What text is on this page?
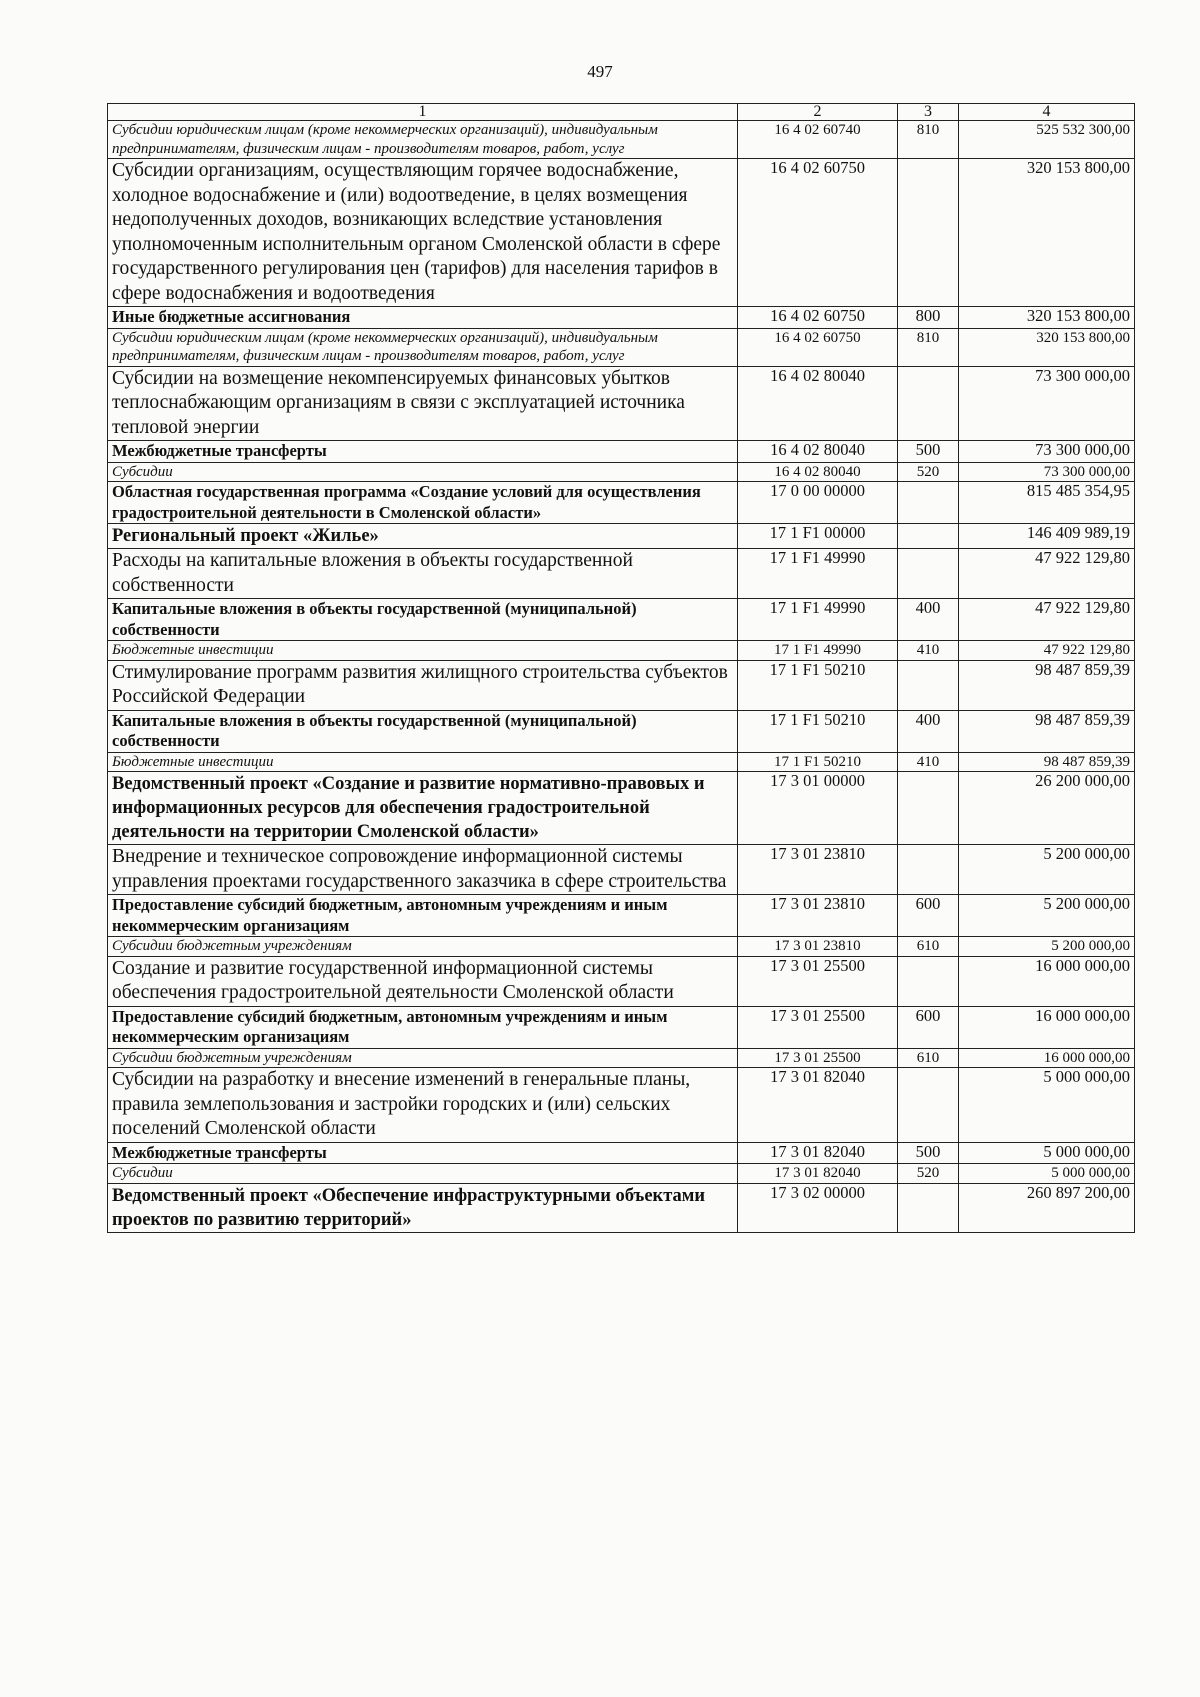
497
1	2	3	4
Субсидии юридическим лицам (кроме некоммерческих организаций), индивидуальным предпринимателям, физическим лицам - производителям товаров, работ, услуг	16 4 02 60740	810	525 532 300,00
Субсидии организациям, осуществляющим горячее водоснабжение, холодное водоснабжение и (или) водоотведение, в целях возмещения недополученных доходов, возникающих вследствие установления уполномоченным исполнительным органом Смоленской области в сфере государственного регулирования цен (тарифов) для населения тарифов в сфере водоснабжения и водоотведения	16 4 02 60750		320 153 800,00
Иные бюджетные ассигнования	16 4 02 60750	800	320 153 800,00
Субсидии юридическим лицам (кроме некоммерческих организаций), индивидуальным предпринимателям, физическим лицам - производителям товаров, работ, услуг	16 4 02 60750	810	320 153 800,00
Субсидии на возмещение некомпенсируемых финансовых убытков теплоснабжающим организациям в связи с эксплуатацией источника тепловой энергии	16 4 02 80040		73 300 000,00
Межбюджетные трансферты	16 4 02 80040	500	73 300 000,00
Субсидии	16 4 02 80040	520	73 300 000,00
Областная государственная программа «Создание условий для осуществления градостроительной деятельности в Смоленской области»	17 0 00 00000		815 485 354,95
Региональный проект «Жилье»	17 1 F1 00000		146 409 989,19
Расходы на капитальные вложения в объекты государственной собственности	17 1 F1 49990		47 922 129,80
Капитальные вложения в объекты государственной (муниципальной) собственности	17 1 F1 49990	400	47 922 129,80
Бюджетные инвестиции	17 1 F1 49990	410	47 922 129,80
Стимулирование программ развития жилищного строительства субъектов Российской Федерации	17 1 F1 50210		98 487 859,39
Капитальные вложения в объекты государственной (муниципальной) собственности	17 1 F1 50210	400	98 487 859,39
Бюджетные инвестиции	17 1 F1 50210	410	98 487 859,39
Ведомственный проект «Создание и развитие нормативно-правовых и информационных ресурсов для обеспечения градостроительной деятельности на территории Смоленской области»	17 3 01 00000		26 200 000,00
Внедрение и техническое сопровождение информационной системы управления проектами государственного заказчика в сфере строительства	17 3 01 23810		5 200 000,00
Предоставление субсидий бюджетным, автономным учреждениям и иным некоммерческим организациям	17 3 01 23810	600	5 200 000,00
Субсидии бюджетным учреждениям	17 3 01 23810	610	5 200 000,00
Создание и развитие государственной информационной системы обеспечения градостроительной деятельности Смоленской области	17 3 01 25500		16 000 000,00
Предоставление субсидий бюджетным, автономным учреждениям и иным некоммерческим организациям	17 3 01 25500	600	16 000 000,00
Субсидии бюджетным учреждениям	17 3 01 25500	610	16 000 000,00
Субсидии на разработку и внесение изменений в генеральные планы, правила землепользования и застройки городских и (или) сельских поселений Смоленской области	17 3 01 82040		5 000 000,00
Межбюджетные трансферты	17 3 01 82040	500	5 000 000,00
Субсидии	17 3 01 82040	520	5 000 000,00
Ведомственный проект «Обеспечение инфраструктурными объектами проектов по развитию территорий»	17 3 02 00000		260 897 200,00
